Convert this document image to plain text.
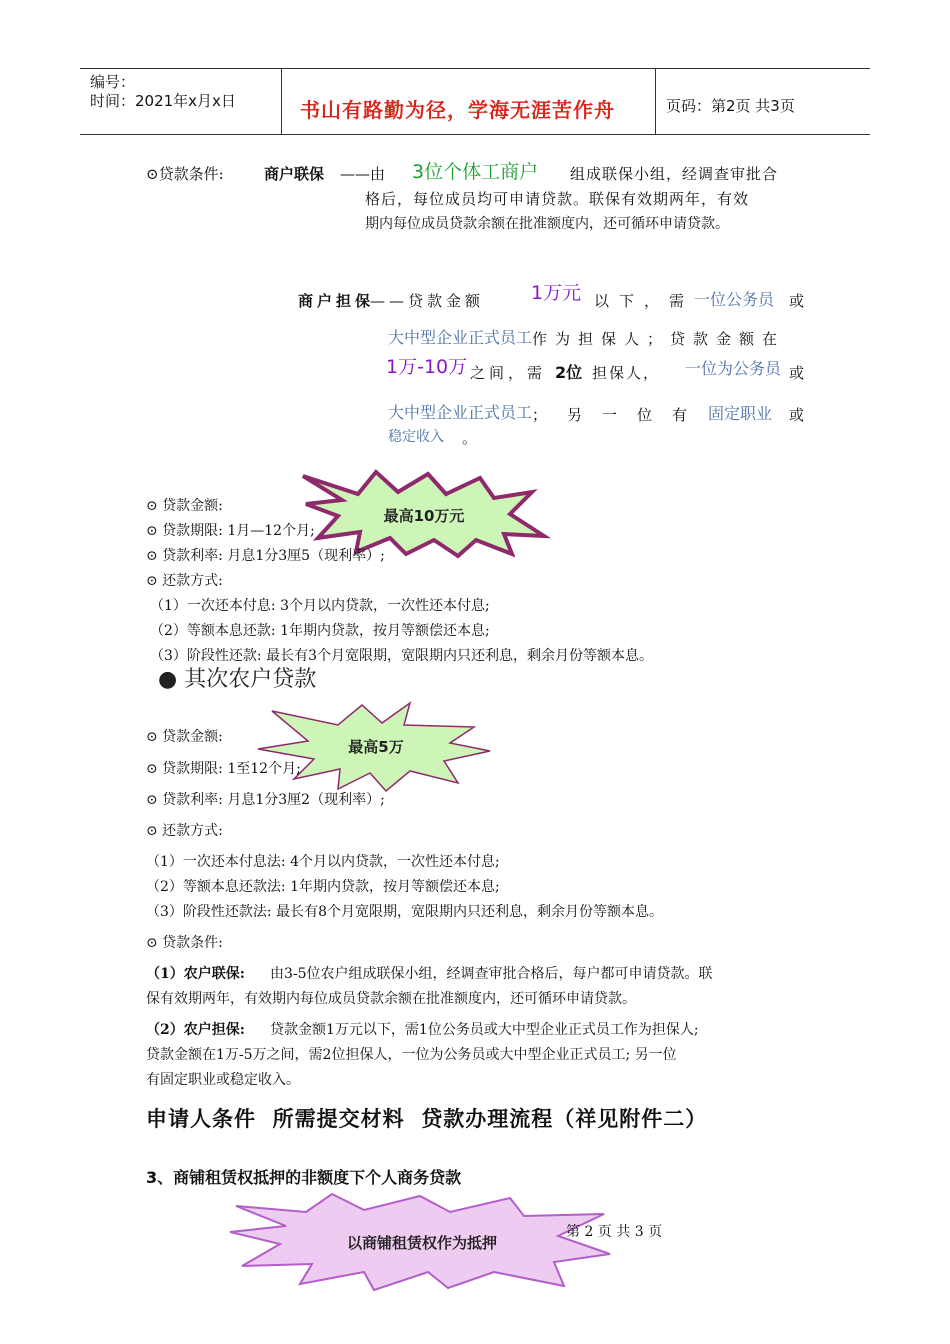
编号：
时间：2021年x月x日	书山有路勤为径，学海无涯苦作舟	页码：第2页 共3页
⊙贷款条件:	商户联保 ——由 3位个体工商户 组成联保小组，经调查审批合
格后，每位成员均可申请贷款。联保有效期两年，有效
期内每位成员贷款余额在批准额度内，还可循环申请贷款。
商户担保
——贷款金额 1万元 以下，需 一位公务员 或
大中型企业正式员工 作为担保人；贷款金额在
1万-10万 之间，需 2位 担保人， 一位为公务员 或
大中型企业正式员工 ；另一位有 固定职业 或
稳定收入 。
最高10万元
⊙ 贷款金额:
⊙ 贷款期限: 1月—12个月;
⊙ 贷款利率: 月息1分3厘5（现利率）;
⊙ 还款方式:
（1）一次还本付息: 3个月以内贷款，一次性还本付息;
（2）等额本息还款: 1年期内贷款，按月等额偿还本息;
（3）阶段性还款: 最长有3个月宽限期，宽限期内只还利息，剩余月份等额本息。
● 其次农户贷款
最高5万
⊙ 贷款金额:
⊙ 贷款期限: 1至12个月;
⊙ 贷款利率: 月息1分3厘2（现利率）;
⊙ 还款方式:
（1）一次还本付息法: 4个月以内贷款，一次性还本付息;
（2）等额本息还款法: 1年期内贷款，按月等额偿还本息;
（3）阶段性还款法: 最长有8个月宽限期，宽限期内只还利息，剩余月份等额本息。
⊙ 贷款条件:
（1）农户联保: 由3-5位农户组成联保小组，经调查审批合格后，每户都可申请贷款。联
保有效期两年，有效期内每位成员贷款余额在批准额度内，还可循环申请贷款。
（2）农户担保: 贷款金额1万元以下，需1位公务员或大中型企业正式员工作为担保人;
贷款金额在1万-5万之间，需2位担保人，一位为公务员或大中型企业正式员工; 另一位
有固定职业或稳定收入。
申请人条件  所需提交材料  贷款办理流程（祥见附件二）
3、商铺租赁权抵押的非额度下个人商务贷款
以商铺租赁权作为抵押
第 2 页 共 3 页
